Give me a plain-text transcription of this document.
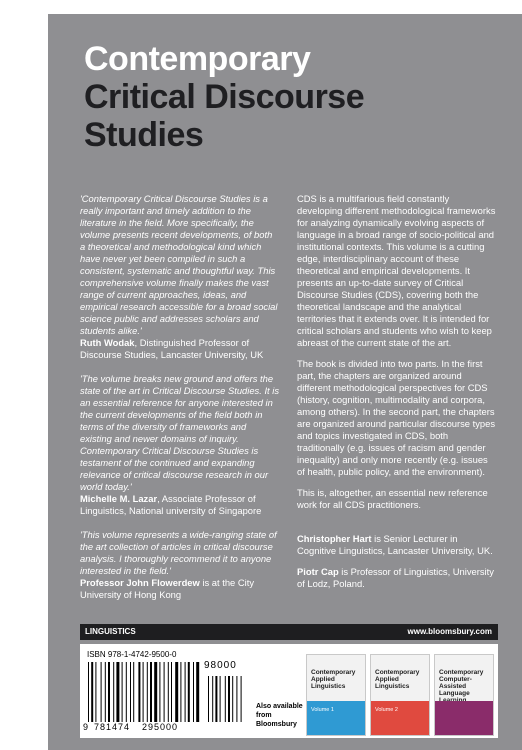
Contemporary
Critical Discourse
Studies
'Contemporary Critical Discourse Studies is a really important and timely addition to the literature in the field. More specifically, the volume presents recent developments, of both a theoretical and methodological kind which have never yet been compiled in such a consistent, systematic and thoughtful way. This comprehensive volume finally makes the vast range of current approaches, ideas, and empirical research accessible for a broad social science public and addresses scholars and students alike.'
Ruth Wodak, Distinguished Professor of Discourse Studies, Lancaster University, UK
'The volume breaks new ground and offers the state of the art in Critical Discourse Studies. It is an essential reference for anyone interested in the current developments of the field both in terms of the diversity of frameworks and existing and newer domains of inquiry. Contemporary Critical Discourse Studies is testament of the continued and expanding relevance of critical discourse research in our world today.'
Michelle M. Lazar, Associate Professor of Linguistics, National university of Singapore
'This volume represents a wide-ranging state of the art collection of articles in critical discourse analysis. I thoroughly recommend it to anyone interested in the field.'
Professor John Flowerdew is at the City University of Hong Kong
CDS is a multifarious field constantly developing different methodological frameworks for analyzing dynamically evolving aspects of language in a broad range of socio-political and institutional contexts. This volume is a cutting edge, interdisciplinary account of these theoretical and empirical developments. It presents an up-to-date survey of Critical Discourse Studies (CDS), covering both the theoretical landscape and the analytical territories that it extends over. It is intended for critical scholars and students who wish to keep abreast of the current state of the art.
The book is divided into two parts. In the first part, the chapters are organized around different methodological perspectives for CDS (history, cognition, multimodality and corpora, among others). In the second part, the chapters are organized around particular discourse types and topics investigated in CDS, both traditionally (e.g. issues of racism and gender inequality) and only more recently (e.g. issues of health, public policy, and the environment).
This is, altogether, an essential new reference work for all CDS practitioners.
Christopher Hart is Senior Lecturer in Cognitive Linguistics, Lancaster University, UK.
Piotr Cap is Professor of Linguistics, University of Lodz, Poland.
LINGUISTICS	www.bloomsbury.com
ISBN 978-1-4742-9500-0
9 781474 295000
98000
Also available from Bloomsbury
Contemporary
Applied Linguistics
Volume 1
Contemporary
Applied Linguistics
Volume 2
Contemporary
Computer-Assisted Language
